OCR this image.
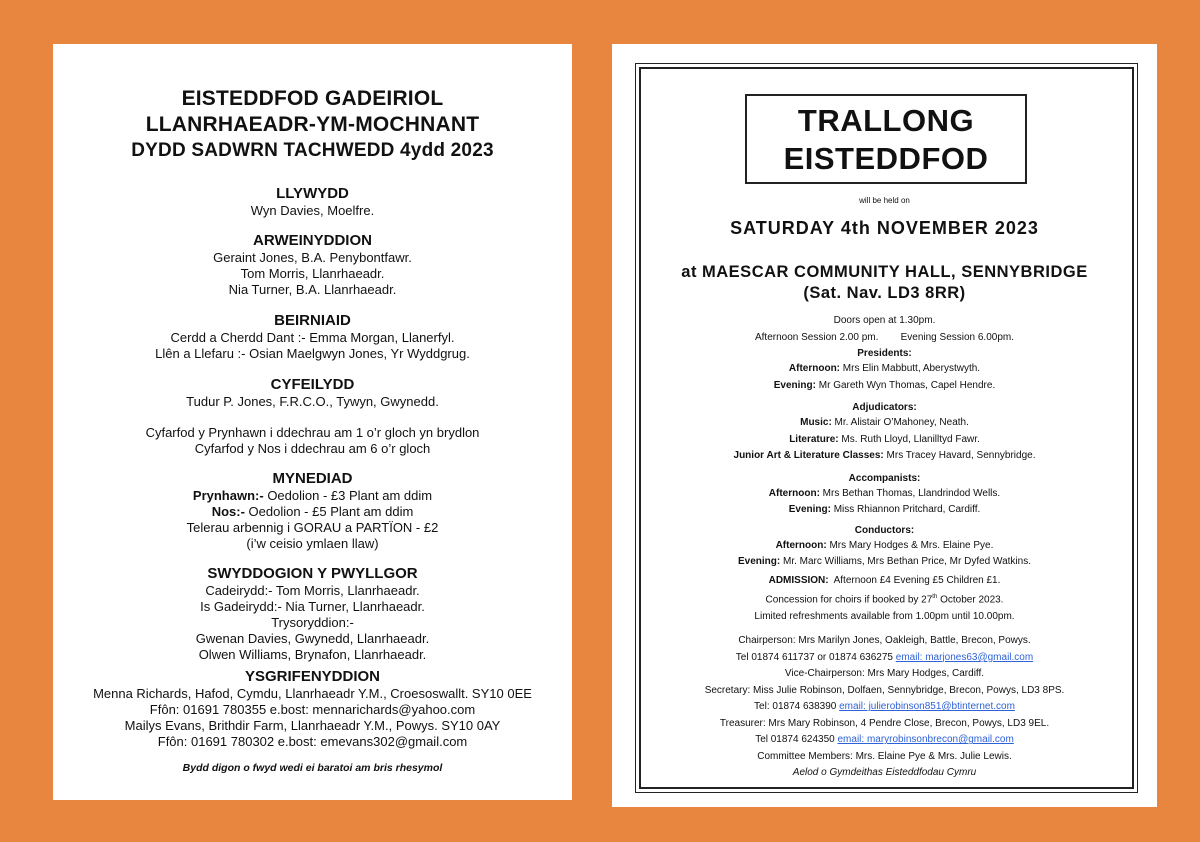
EISTEDDFOD GADEIRIOL
LLANRHAEADR-YM-MOCHNANT
DYDD SADWRN TACHWEDD 4ydd 2023
LLYWYDD
Wyn Davies, Moelfre.
ARWEINYDDION
Geraint Jones, B.A. Penybontfawr.
Tom Morris, Llanrhaeadr.
Nia Turner, B.A. Llanrhaeadr.
BEIRNIAID
Cerdd a Cherdd Dant :- Emma Morgan, Llanerfyl.
Llên a Llefaru :- Osian Maelgwyn Jones, Yr Wyddgrug.
CYFEILYDD
Tudur P. Jones, F.R.C.O., Tywyn, Gwynedd.
Cyfarfod y Prynhawn i ddechrau am 1 o’r gloch yn brydlon
Cyfarfod y Nos i ddechrau am 6 o’r gloch
MYNEDIAD
Prynhawn:- Oedolion - £3 Plant am ddim
Nos:- Oedolion - £5 Plant am ddim
Telerau arbennig i GORAU a PARTÏON - £2
(i’w ceisio ymlaen llaw)
SWYDDOGION Y PWYLLGOR
Cadeirydd:- Tom Morris, Llanrhaeadr.
Is Gadeirydd:- Nia Turner, Llanrhaeadr.
Trysoryddion:-
Gwenan Davies, Gwynedd, Llanrhaeadr.
Olwen Williams, Brynafon, Llanrhaeadr.
YSGRIFENYDDION
Menna Richards, Hafod, Cymdu, Llanrhaeadr Y.M., Croesoswallt. SY10 0EE
Ffôn: 01691 780355 e.bost: mennarichards@yahoo.com
Mailys Evans, Brithdir Farm, Llanrhaeadr Y.M., Powys. SY10 0AY
Ffôn: 01691 780302 e.bost: emevans302@gmail.com
Bydd digon o fwyd wedi ei baratoi am bris rhesymol
TRALLONG
EISTEDDFOD
will be held on
SATURDAY 4th NOVEMBER 2023
at MAESCAR COMMUNITY HALL, SENNYBRIDGE
(Sat. Nav. LD3 8RR)
Doors open at 1.30pm.
Afternoon Session 2.00 pm.        Evening Session 6.00pm.
Presidents:
Afternoon: Mrs Elin Mabbutt, Aberystwyth.
Evening: Mr Gareth Wyn Thomas, Capel Hendre.
Adjudicators:
Music: Mr. Alistair O’Mahoney, Neath.
Literature: Ms. Ruth Lloyd, Llanilltyd Fawr.
Junior Art & Literature Classes: Mrs Tracey Havard, Sennybridge.
Accompanists:
Afternoon: Mrs Bethan Thomas, Llandrindod Wells.
Evening: Miss Rhiannon Pritchard, Cardiff.
Conductors:
Afternoon: Mrs Mary Hodges & Mrs. Elaine Pye.
Evening: Mr. Marc Williams, Mrs Bethan Price, Mr Dyfed Watkins.
ADMISSION:  Afternoon £4 Evening £5 Children £1.
Concession for choirs if booked by 27th October 2023.
Limited refreshments available from 1.00pm until 10.00pm.
Chairperson: Mrs Marilyn Jones, Oakleigh, Battle, Brecon, Powys.
Tel 01874 611737 or 01874 636275 email: marjones63@gmail.com
Vice-Chairperson: Mrs Mary Hodges, Cardiff.
Secretary: Miss Julie Robinson, Dolfaen, Sennybridge, Brecon, Powys, LD3 8PS.
Tel: 01874 638390 email: julierobinson851@btinternet.com
Treasurer: Mrs Mary Robinson, 4 Pendre Close, Brecon, Powys, LD3 9EL.
Tel 01874 624350 email: maryrobinsonbrecon@gmail.com
Committee Members: Mrs. Elaine Pye & Mrs. Julie Lewis.
Aelod o Gymdeithas Eisteddfodau Cymru
